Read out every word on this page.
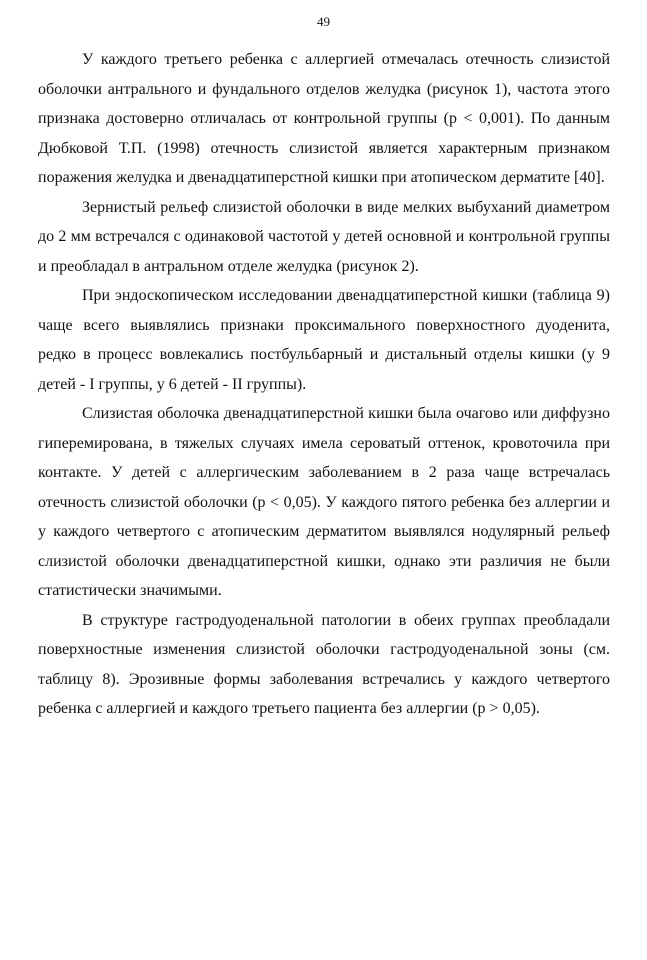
49

У каждого третьего ребенка с аллергией отмечалась отечность слизистой оболочки антрального и фундального отделов желудка (рисунок 1), частота этого признака достоверно отличалась от контрольной группы (р < 0,001). По данным Дюбковой Т.П. (1998) отечность слизистой является характерным признаком поражения желудка и двенадцатиперстной кишки при атопическом дерматите [40].

Зернистый рельеф слизистой оболочки в виде мелких выбуханий диаметром до 2 мм встречался с одинаковой частотой у детей основной и контрольной группы и преобладал в антральном отделе желудка (рисунок 2).

При эндоскопическом исследовании двенадцатиперстной кишки (таблица 9) чаще всего выявлялись признаки проксимального поверхностного дуоденита, редко в процесс вовлекались постбульбарный и дистальный отделы кишки (у 9 детей - I группы, у 6 детей - II группы).

Слизистая оболочка двенадцатиперстной кишки была очагово или диффузно гиперемирована, в тяжелых случаях имела сероватый оттенок, кровоточила при контакте. У детей с аллергическим заболеванием в 2 раза чаще встречалась отечность слизистой оболочки (р < 0,05). У каждого пятого ребенка без аллергии и у каждого четвертого с атопическим дерматитом выявлялся нодулярный рельеф слизистой оболочки двенадцатиперстной кишки, однако эти различия не были статистически значимыми.

В структуре гастродуоденальной патологии в обеих группах преобладали поверхностные изменения слизистой оболочки гастродуоденальной зоны (см. таблицу 8). Эрозивные формы заболевания встречались у каждого четвертого ребенка с аллергией и каждого третьего пациента без аллергии (р > 0,05).
